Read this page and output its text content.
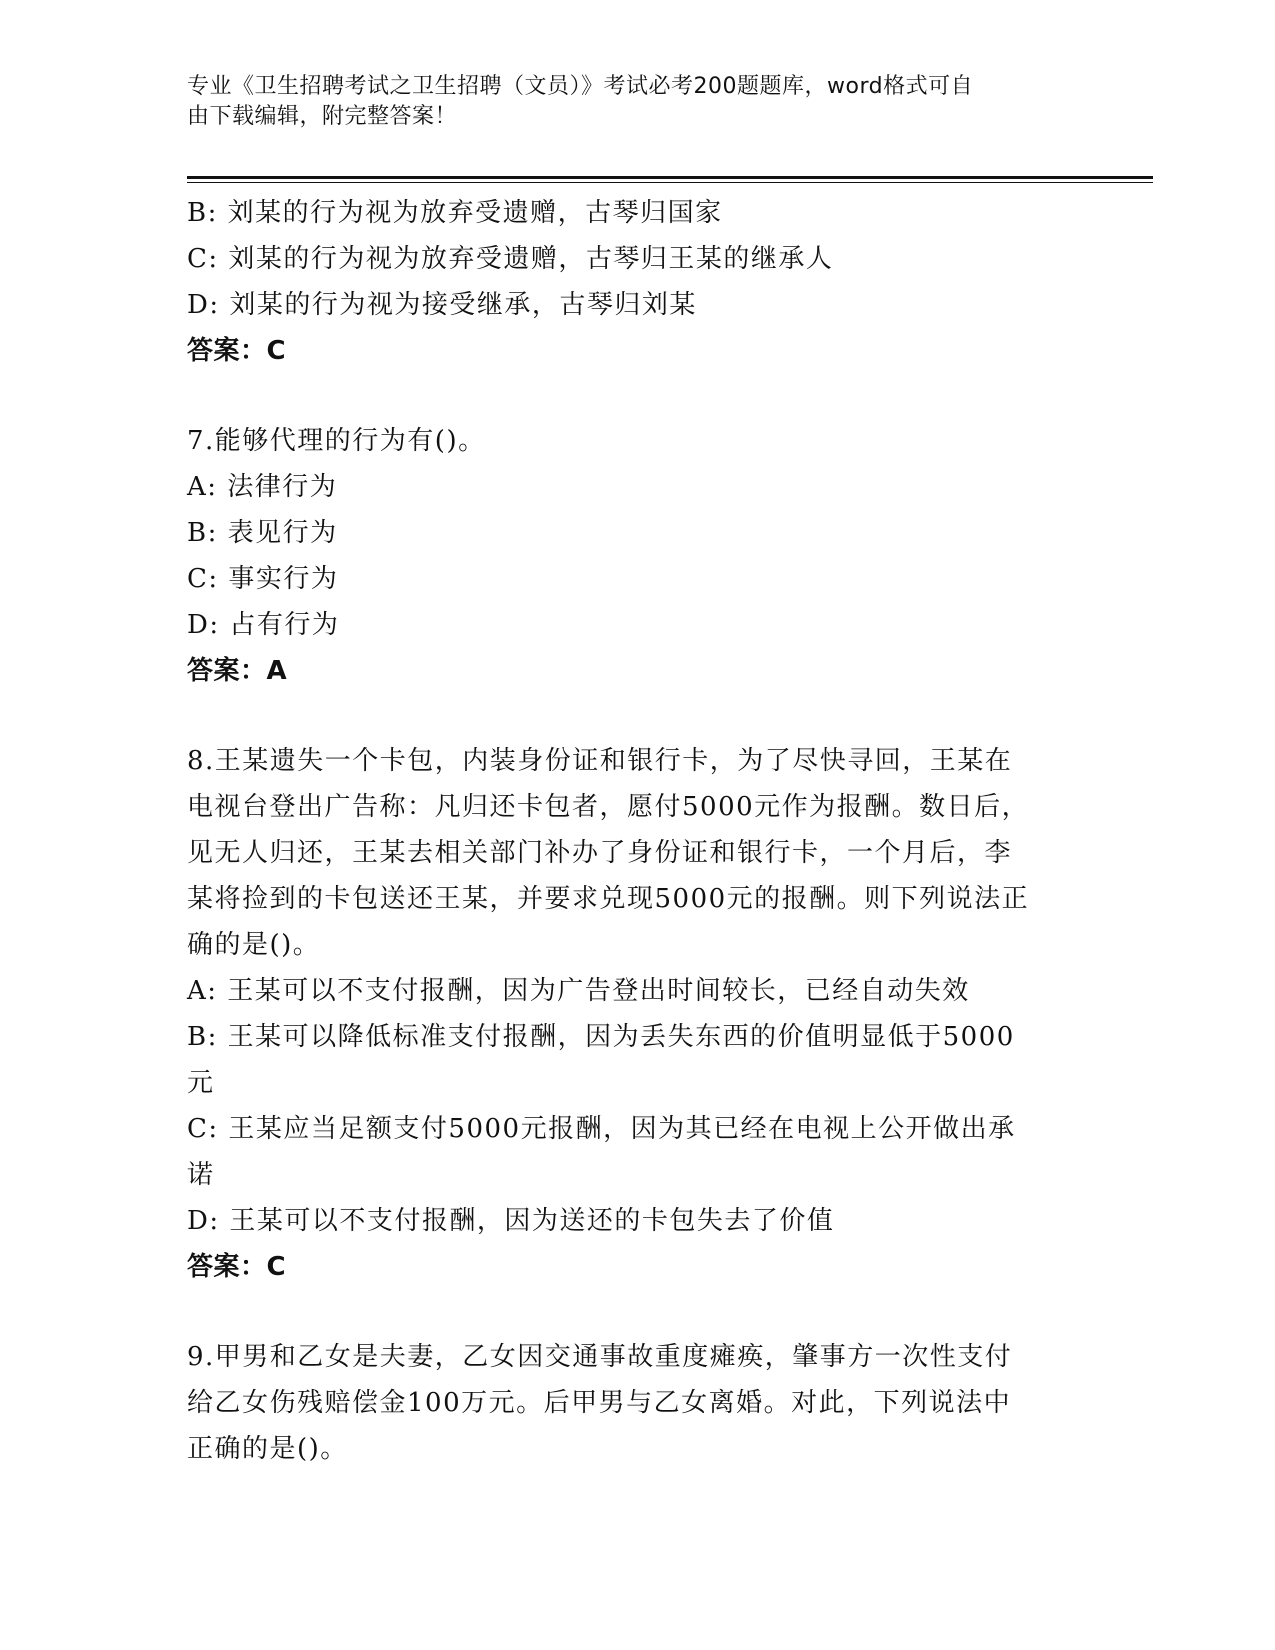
专业《卫生招聘考试之卫生招聘（文员）》考试必考200题题库，word格式可自
由下载编辑，附完整答案！
B: 刘某的行为视为放弃受遗赠，古琴归国家
C: 刘某的行为视为放弃受遗赠，古琴归王某的继承人
D: 刘某的行为视为接受继承，古琴归刘某
答案：C
7.能够代理的行为有()。
A: 法律行为
B: 表见行为
C: 事实行为
D: 占有行为
答案：A
8.王某遗失一个卡包，内装身份证和银行卡，为了尽快寻回，王某在
电视台登出广告称：凡归还卡包者，愿付5000元作为报酬。数日后，
见无人归还，王某去相关部门补办了身份证和银行卡，一个月后，李
某将捡到的卡包送还王某，并要求兑现5000元的报酬。则下列说法正
确的是()。
A: 王某可以不支付报酬，因为广告登出时间较长，已经自动失效
B: 王某可以降低标准支付报酬，因为丢失东西的价值明显低于5000
元
C: 王某应当足额支付5000元报酬，因为其已经在电视上公开做出承
诺
D: 王某可以不支付报酬，因为送还的卡包失去了价值
答案：C
9.甲男和乙女是夫妻，乙女因交通事故重度瘫痪，肇事方一次性支付
给乙女伤残赔偿金100万元。后甲男与乙女离婚。对此，下列说法中
正确的是()。
